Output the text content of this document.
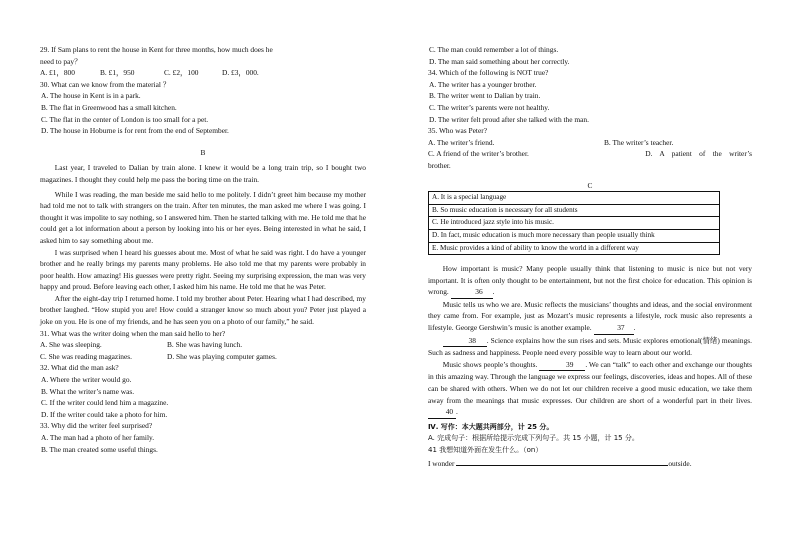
29. If Sam plans to rent the house in Kent for three months, how much does he

need to pay？

A. £1，800	B. £1，950	C. £2，100	D. £3，000.

30. What can we know from the material ？

A. The house in Kent is in a park.

B. The flat in Greenwood has a small kitchen.

C. The flat in the center of London is too small for a pet.

D. The house in Hoburne is for rent from the end of September.

B

Last year, I traveled to Dalian by train alone. I knew it would be a long train trip, so I bought two magazines. I thought they could help me pass the boring time on the train.

While I was reading, the man beside me said hello to me politely. I didn’t greet him because my mother had told me not to talk with strangers on the train. After ten minutes, the man asked me where I was going. I thought it was impolite to say nothing, so I answered him. Then he started talking with me. He told me that he could get a lot information about a person by looking into his or her eyes. Being interested in what he said, I asked him to say something about me.

I was surprised when I heard his guesses about me. Most of what he said was right. I do have a younger brother and he really brings my parents many problems. He also told me that my parents were probably in poor health. How amazing! His guesses were pretty right. Seeing my surprising expression, the man was very happy and proud. Before leaving each other, I asked him his name. He told me that he was Peter.

After the eight-day trip I returned home. I told my brother about Peter. Hearing what I had described, my brother laughed. “How stupid you are! How could a stranger know so much about you? Peter just played a joke on you. He is one of my friends, and he has seen you on a photo of our family,” he said.

31. What was the writer doing when the man said hello to her?

A. She was sleeping.	B. She was having lunch.
C. She was reading magazines.	D. She was playing computer games.

32. What did the man ask?

A. Where the writer would go.

B. What the writer’s name was.

C. If the writer could lend him a magazine.

D. If the writer could take a photo for him.

33. Why did the writer feel surprised?

A. The man had a photo of her family.

B. The man created some useful things.

C. The man could remember a lot of things.

D. The man said something about her correctly.

34. Which of the following is NOT true?

A. The writer has a younger brother.

B. The writer went to Dalian by train.

C. The writer’s parents were not healthy.

D. The writer felt proud after she talked with the man.

35. Who was Peter?

A. The writer’s friend.	B. The writer’s teacher.
C. A friend of the writer’s brother.	D.    A    patient    of    the    writer’s

brother.

C

A. It is a special language
B. So music education is necessary for all students
C. He introduced jazz style into his music.
D. In fact, music education is much more necessary than people usually think
E. Music provides a kind of ability to know the world in a different way

How important is music? Many people usually think that listening to music is nice but not very important. It is often only thought to be entertainment, but not the first choice for education. This opinion is wrong.	36 .

Music tells us who we are. Music reflects the musicians’ thoughts and ideas, and the social environment they came from. For example, just as Mozart’s music represents a lifestyle, rock music also represents a lifestyle. George Gershwin’s music is another example.	37 .

38 . Science explains how the sun rises and sets. Music explores emotional(情绪) meanings. Such as sadness and happiness. People need every possible way to learn about our world.

Music shows people’s thoughts.	39 . We can “talk” to each other and exchange our thoughts in this amazing way. Through the language we express our feelings, discoveries, ideas and hopes. All of these can be shared with others. When we do not let our children receive a good music education, we take them away from the meanings that music expresses. Our children are short of a wonderful part in their lives. 40 .

Ⅳ. 写作：本大题共两部分，计 25 分。

A. 完成句子：根据所给提示完成下列句子。共 15 小题，计 15 分。

41 我想知道外面在发生什么。（on）

I wonder	outside.
